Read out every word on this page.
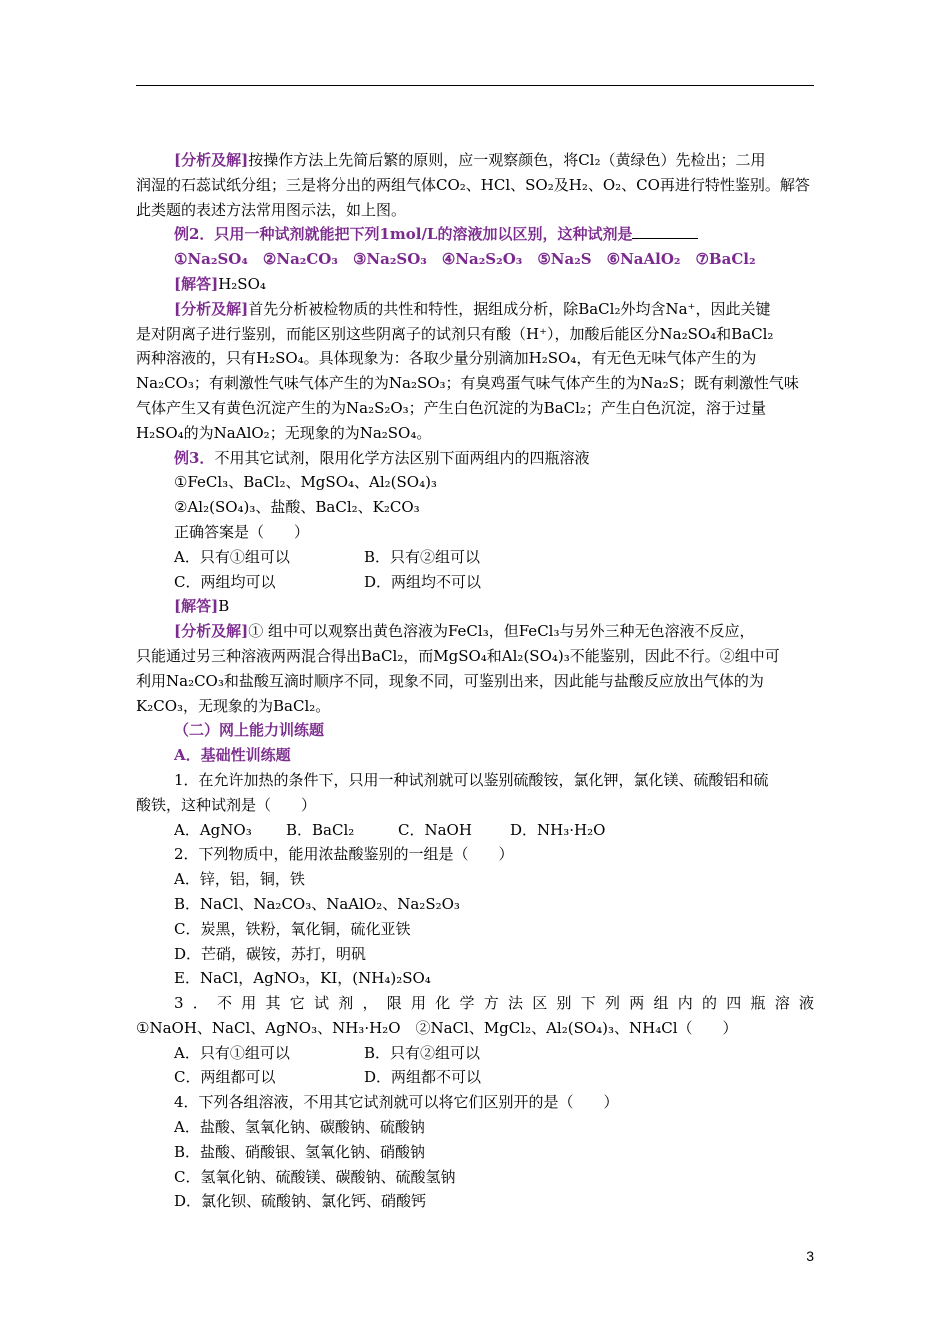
[分析及解]按操作方法上先简后繁的原则，应一观察颜色，将Cl₂（黄绿色）先检出；二用

润湿的石蕊试纸分组；三是将分出的两组气体CO₂、HCl、SO₂及H₂、O₂、CO再进行特性鉴别。解答

此类题的表述方法常用图示法，如上图。

例2．只用一种试剂就能把下列1mol/L的溶液加以区别，这种试剂是

①Na₂SO₄　②Na₂CO₃　③Na₂SO₃　④Na₂S₂O₃　⑤Na₂S　⑥NaAlO₂　⑦BaCl₂

[解答]H₂SO₄

[分析及解]首先分析被检物质的共性和特性，据组成分析，除BaCl₂外均含Na⁺，因此关键

是对阴离子进行鉴别，而能区别这些阴离子的试剂只有酸（H⁺），加酸后能区分Na₂SO₄和BaCl₂

两种溶液的，只有H₂SO₄。具体现象为：各取少量分别滴加H₂SO₄，有无色无味气体产生的为

Na₂CO₃；有刺激性气味气体产生的为Na₂SO₃；有臭鸡蛋气味气体产生的为Na₂S；既有刺激性气味

气体产生又有黄色沉淀产生的为Na₂S₂O₃；产生白色沉淀的为BaCl₂；产生白色沉淀，溶于过量

H₂SO₄的为NaAlO₂；无现象的为Na₂SO₄。

例3．不用其它试剂，限用化学方法区别下面两组内的四瓶溶液

①FeCl₃、BaCl₂、MgSO₄、Al₂(SO₄)₃

②Al₂(SO₄)₃、盐酸、BaCl₂、K₂CO₃

正确答案是（　　）

A．只有①组可以	B．只有②组可以

C．两组均可以	D．两组均不可以

[解答]B

[分析及解]① 组中可以观察出黄色溶液为FeCl₃，但FeCl₃与另外三种无色溶液不反应，

只能通过另三种溶液两两混合得出BaCl₂，而MgSO₄和Al₂(SO₄)₃不能鉴别，因此不行。②组中可

利用Na₂CO₃和盐酸互滴时顺序不同，现象不同，可鉴别出来，因此能与盐酸反应放出气体的为

K₂CO₃，无现象的为BaCl₂。

（二）网上能力训练题

A．基础性训练题

1．在允许加热的条件下，只用一种试剂就可以鉴别硫酸铵，氯化钾，氯化镁、硫酸铝和硫

酸铁，这种试剂是（　　）

A．AgNO₃ B．BaCl₂	C．NaOH	D．NH₃·H₂O

2．下列物质中，能用浓盐酸鉴别的一组是（　　）

A．锌，铝，铜，铁

B．NaCl、Na₂CO₃、NaAlO₂、Na₂S₂O₃

C．炭黑，铁粉，氧化铜，硫化亚铁

D．芒硝，碳铵，苏打，明矾

E．NaCl，AgNO₃，KI，(NH₄)₂SO₄

3．不用其它试剂，限用化学方法区别下列两组内的四瓶溶液

①NaOH、NaCl、AgNO₃、NH₃·H₂O　②NaCl、MgCl₂、Al₂(SO₄)₃、NH₄Cl（　　）

A．只有①组可以	B．只有②组可以

C．两组都可以	D．两组都不可以

4．下列各组溶液，不用其它试剂就可以将它们区别开的是（　　）

A．盐酸、氢氧化钠、碳酸钠、硫酸钠

B．盐酸、硝酸银、氢氧化钠、硝酸钠

C．氢氧化钠、硫酸镁、碳酸钠、硫酸氢钠

D．氯化钡、硫酸钠、氯化钙、硝酸钙

3
